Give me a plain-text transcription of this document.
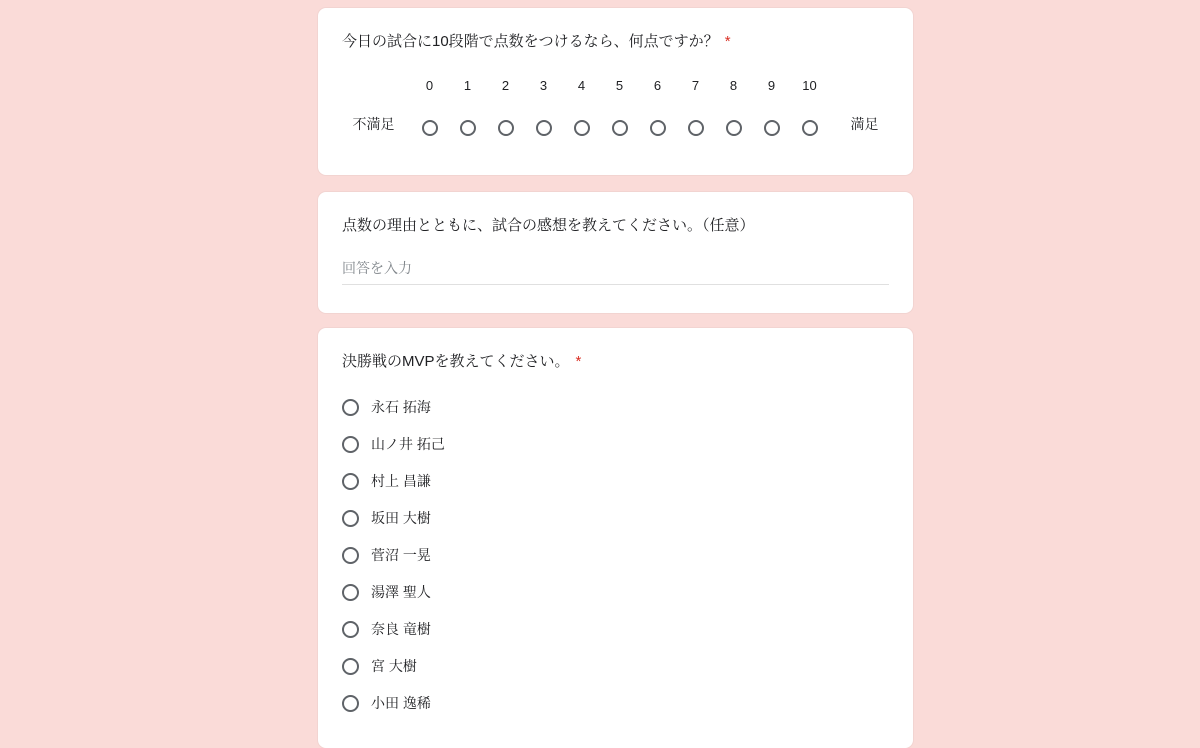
今日の試合に10段階で点数をつけるなら、何点ですか？ *
不満足
0 1 2 3 4 5 6 7 8 9 10
満足
点数の理由とともに、試合の感想を教えてください。（任意）
回答を入力
決勝戦のMVPを教えてください。 *
永石 拓海
山ノ井 拓己
村上 昌謙
坂田 大樹
菅沼 一晃
湯澤 聖人
奈良 竜樹
宮 大樹
小田 逸稀
